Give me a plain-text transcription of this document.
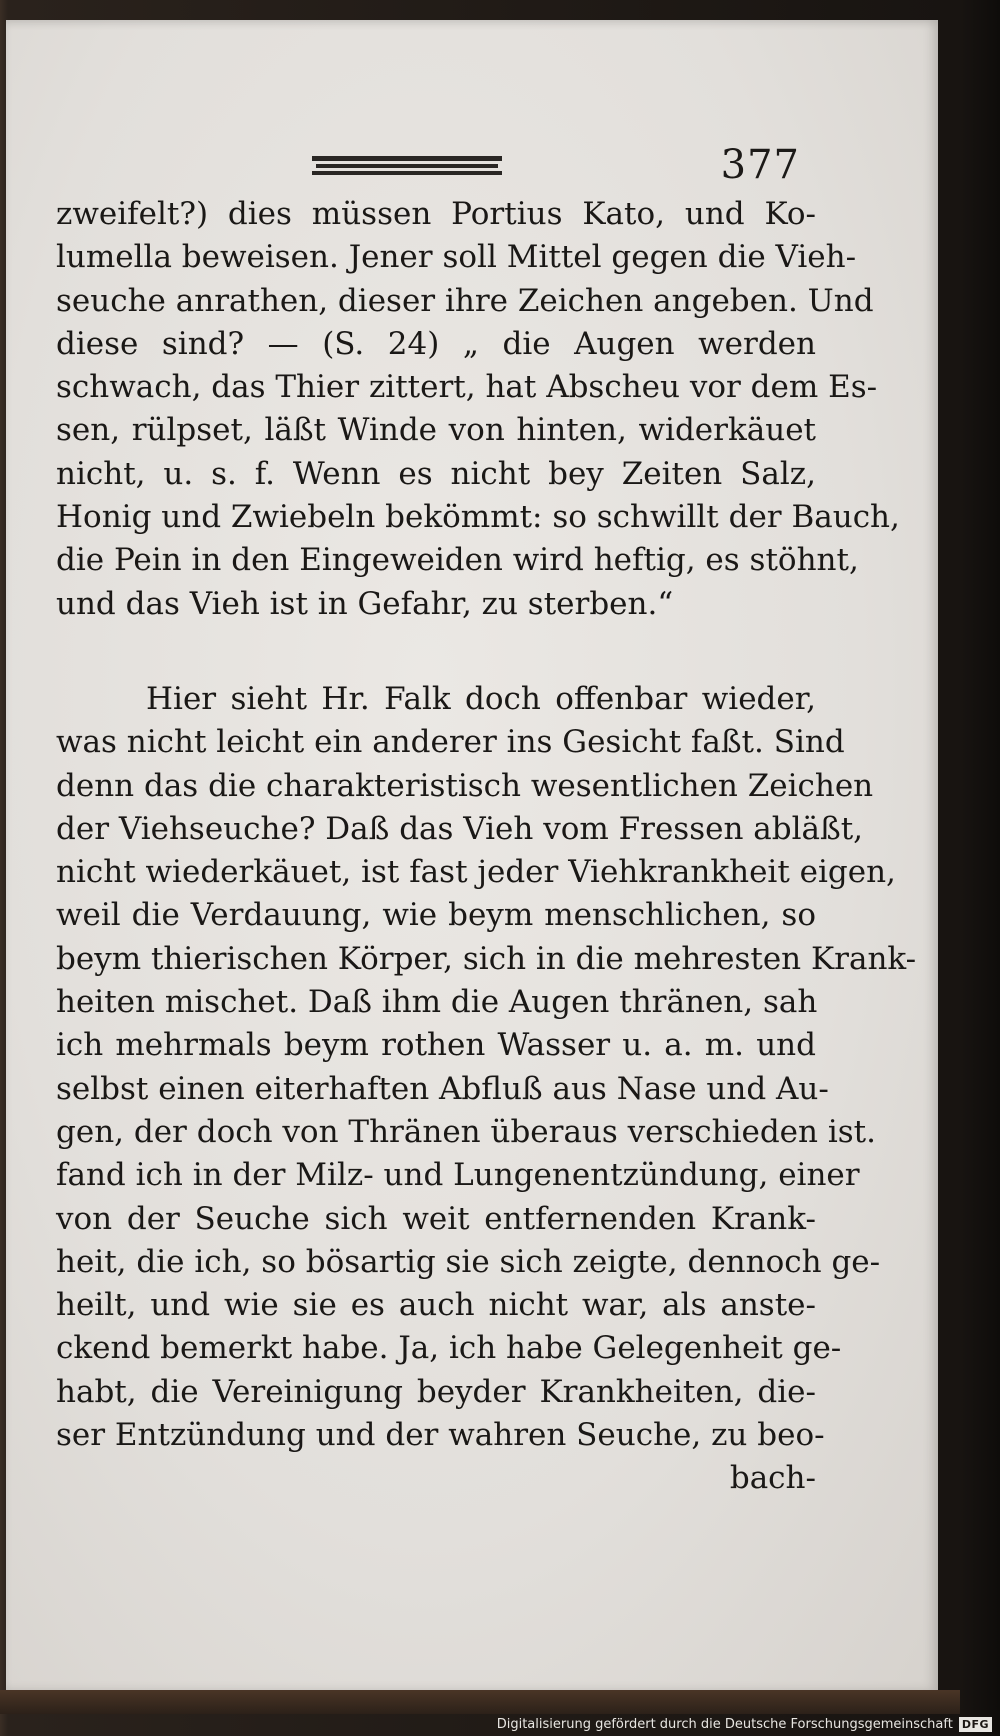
377
zweifelt?) dies müssen Portius Kato, und Ko-
lumella beweisen. Jener soll Mittel gegen die Vieh-
seuche anrathen, dieser ihre Zeichen angeben. Und
diese sind? — (S. 24) „ die Augen werden
schwach, das Thier zittert, hat Abscheu vor dem Es-
sen, rülpset, läßt Winde von hinten, widerkäuet
nicht, u. s. f. Wenn es nicht bey Zeiten Salz,
Honig und Zwiebeln bekömmt: so schwillt der Bauch,
die Pein in den Eingeweiden wird heftig, es stöhnt,
und das Vieh ist in Gefahr, zu sterben.“
Hier sieht Hr. Falk doch offenbar wieder,
was nicht leicht ein anderer ins Gesicht faßt. Sind
denn das die charakteristisch wesentlichen Zeichen
der Viehseuche? Daß das Vieh vom Fressen abläßt,
nicht wiederkäuet, ist fast jeder Viehkrankheit eigen,
weil die Verdauung, wie beym menschlichen, so
beym thierischen Körper, sich in die mehresten Krank-
heiten mischet. Daß ihm die Augen thränen, sah
ich mehrmals beym rothen Wasser u. a. m. und
selbst einen eiterhaften Abfluß aus Nase und Au-
gen, der doch von Thränen überaus verschieden ist.
fand ich in der Milz- und Lungenentzündung, einer
von der Seuche sich weit entfernenden Krank-
heit, die ich, so bösartig sie sich zeigte, dennoch ge-
heilt, und wie sie es auch nicht war, als anste-
ckend bemerkt habe. Ja, ich habe Gelegenheit ge-
habt, die Vereinigung beyder Krankheiten, die-
ser Entzündung und der wahren Seuche, zu beo-
bach-
Digitalisierung gefördert durch die Deutsche Forschungsgemeinschaft DFG
